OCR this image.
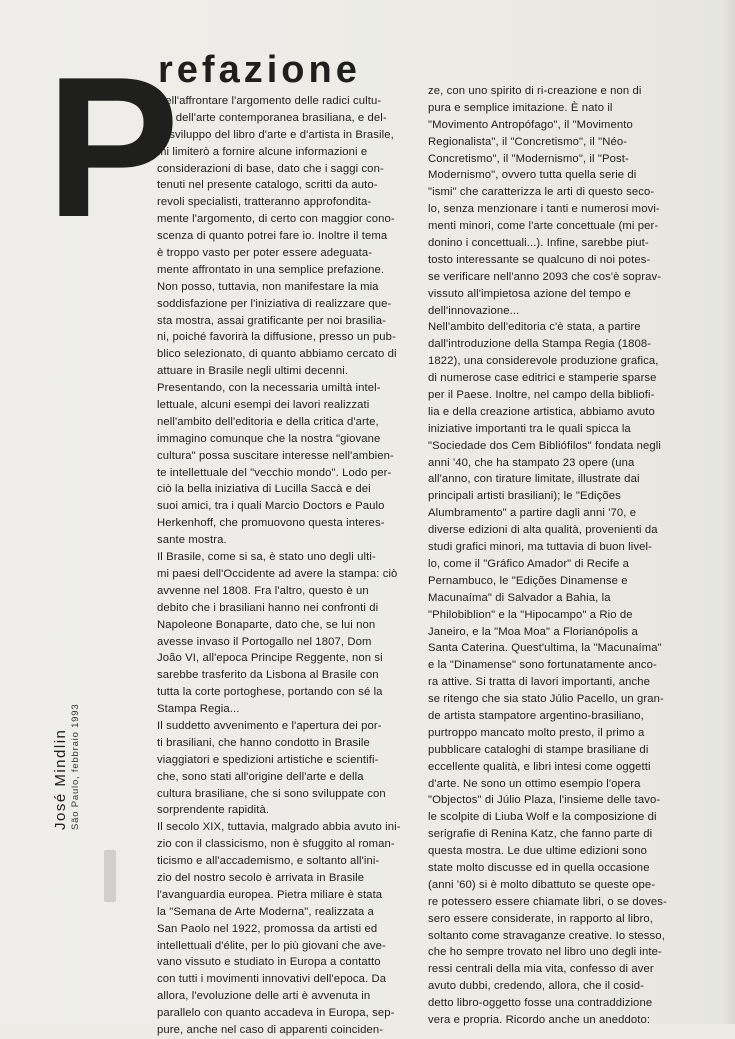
P
refazione
Nell'affrontare l'argomento delle radici cultu-
rali dell'arte contemporanea brasiliana, e del-
lo sviluppo del libro d'arte e d'artista in Brasile,
mi limiterò a fornire alcune informazioni e
considerazioni di base, dato che i saggi con-
tenuti nel presente catalogo, scritti da auto-
revoli specialisti, tratteranno approfondita-
mente l'argomento, di certo con maggior cono-
scenza di quanto potrei fare io. Inoltre il tema
è troppo vasto per poter essere adeguata-
mente affrontato in una semplice prefazione.
Non posso, tuttavia, non manifestare la mia
soddisfazione per l'iniziativa di realizzare que-
sta mostra, assai gratificante per noi brasilia-
ni, poiché favorirà la diffusione, presso un pub-
blico selezionato, di quanto abbiamo cercato di
attuare in Brasile negli ultimi decenni.
Presentando, con la necessaria umiltà intel-
lettuale, alcuni esempi dei lavori realizzati
nell'ambito dell'editoria e della critica d'arte,
immagino comunque che la nostra "giovane
cultura" possa suscitare interesse nell'ambien-
te intellettuale del "vecchio mondo". Lodo per-
ciò la bella iniziativa di Lucilla Saccà e dei
suoi amici, tra i quali Marcio Doctors e Paulo
Herkenhoff, che promuovono questa interes-
sante mostra.
Il Brasile, come si sa, è stato uno degli ulti-
mi paesi dell'Occidente ad avere la stampa: ciò
avvenne nel 1808. Fra l'altro, questo è un
debito che i brasiliani hanno nei confronti di
Napoleone Bonaparte, dato che, se lui non
avesse invaso il Portogallo nel 1807, Dom
João VI, all'epoca Principe Reggente, non si
sarebbe trasferito da Lisbona al Brasile con
tutta la corte portoghese, portando con sé la
Stampa Regia...
Il suddetto avvenimento e l'apertura dei por-
ti brasiliani, che hanno condotto in Brasile
viaggiatori e spedizioni artistiche e scientifi-
che, sono stati all'origine dell'arte e della
cultura brasiliane, che si sono sviluppate con
sorprendente rapidità.
Il secolo XIX, tuttavia, malgrado abbia avuto ini-
zio con il classicismo, non è sfuggito al roman-
ticismo e all'accademismo, e soltanto all'ini-
zio del nostro secolo è arrivata in Brasile
l'avanguardia europea. Pietra miliare è stata
la "Semana de Arte Moderna", realizzata a
San Paolo nel 1922, promossa da artisti ed
intellettuali d'élite, per lo più giovani che ave-
vano vissuto e studiato in Europa a contatto
con tutti i movimenti innovativi dell'epoca. Da
allora, l'evoluzione delle arti è avvenuta in
parallelo con quanto accadeva in Europa, sep-
pure, anche nel caso di apparenti coinciden-
ze, con uno spirito di ri-creazione e non di
pura e semplice imitazione. È nato il
"Movimento Antropófago", il "Movimento
Regionalista", il "Concretismo", il "Néo-
Concretismo", il "Modernismo", il "Post-
Modernismo", ovvero tutta quella serie di
"ismi" che caratterizza le arti di questo seco-
lo, senza menzionare i tanti e numerosi movi-
menti minori, come l'arte concettuale (mi per-
donino i concettuali...). Infine, sarebbe piut-
tosto interessante se qualcuno di noi potes-
se verificare nell'anno 2093 che cos'è soprav-
vissuto all'impietosa azione del tempo e
dell'innovazione...
Nell'ambito dell'editoria c'è stata, a partire
dall'introduzione della Stampa Regia (1808-
1822), una considerevole produzione grafica,
di numerose case editrici e stamperie sparse
per il Paese. Inoltre, nel campo della bibliofi-
lia e della creazione artistica, abbiamo avuto
iniziative importanti tra le quali spicca la
"Sociedade dos Cem Bibliófilos" fondata negli
anni '40, che ha stampato 23 opere (una
all'anno, con tirature limitate, illustrate dai
principali artisti brasiliani); le "Edições
Alumbramento" a partire dagli anni '70, e
diverse edizioni di alta qualità, provenienti da
studi grafici minori, ma tuttavia di buon livel-
lo, come il "Gráfico Amador" di Recife a
Pernambuco, le "Edições Dinamense e
Macunaíma" di Salvador a Bahia, la
"Philobiblion" e la "Hipocampo" a Rio de
Janeiro, e la "Moa Moa" a Florianópolis a
Santa Caterina. Quest'ultima, la "Macunaíma"
e la "Dinamense" sono fortunatamente anco-
ra attive. Si tratta di lavori importanti, anche
se ritengo che sia stato Júlio Pacello, un gran-
de artista stampatore argentino-brasiliano,
purtroppo mancato molto presto, il primo a
pubblicare cataloghi di stampe brasiliane di
eccellente qualità, e libri intesi come oggetti
d'arte. Ne sono un ottimo esempio l'opera
"Objectos" di Júlio Plaza, l'insieme delle tavo-
le scolpite di Liuba Wolf e la composizione di
serigrafie di Renina Katz, che fanno parte di
questa mostra. Le due ultime edizioni sono
state molto discusse ed in quella occasione
(anni '60) si è molto dibattuto se queste ope-
re potessero essere chiamate libri, o se doves-
sero essere considerate, in rapporto al libro,
soltanto come stravaganze creative. Io stesso,
che ho sempre trovato nel libro uno degli inte-
ressi centrali della mia vita, confesso di aver
avuto dubbi, credendo, allora, che il cosid-
detto libro-oggetto fosse una contraddizione
vera e propria. Ricordo anche un aneddoto:
José Mindlin São Paulo, febbraio 1993
